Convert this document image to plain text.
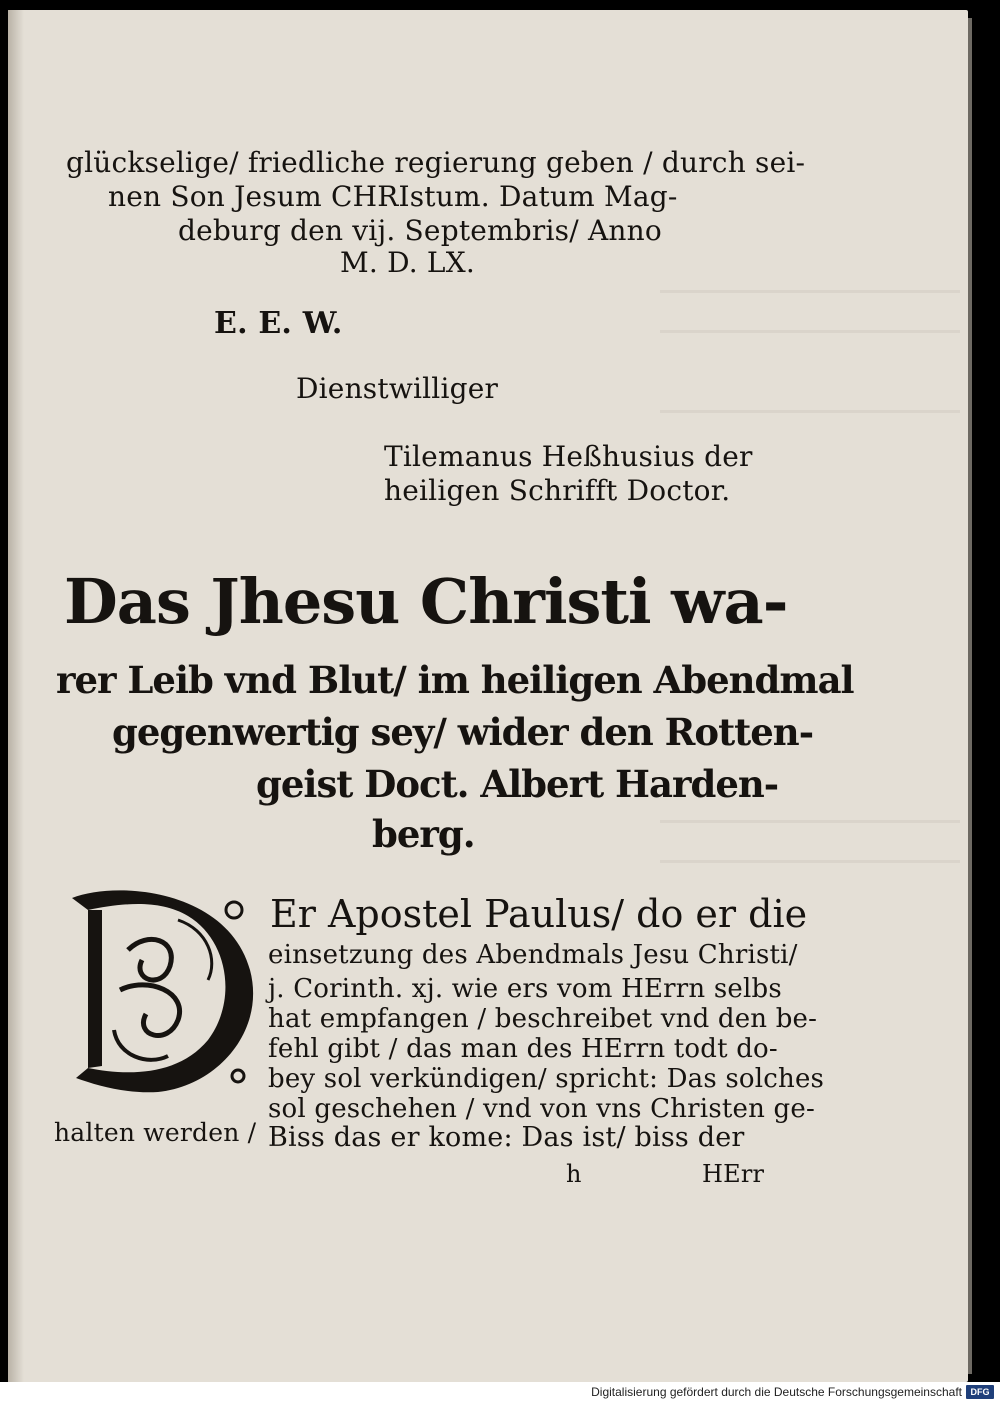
glückselige/ friedliche regierung geben / durch sei-
nen Son Jesum CHRIstum. Datum Mag-
deburg den vij. Septembris/ Anno
M. D. LX.
E. E. W.
Dienstwilliger
Tilemanus Heßhusius der
heiligen Schrifft Doctor.
Das Jhesu Christi wa-
rer Leib vnd Blut/ im heiligen Abendmal
gegenwertig sey/ wider den Rotten-
geist Doct. Albert Harden-
berg.
Er Apostel Paulus/ do er die
einsetzung des Abendmals Jesu Christi/
j. Corinth. xj. wie ers vom HErrn selbs
hat empfangen / beschreibet vnd den be-
fehl gibt / das man des HErrn todt do-
bey sol verkündigen/ spricht: Das solches
sol geschehen / vnd von vns Christen ge-
halten werden / Biss das er kome: Das ist/ biss der
h	HErr
Digitalisierung gefördert durch die Deutsche Forschungsgemeinschaft DFG
